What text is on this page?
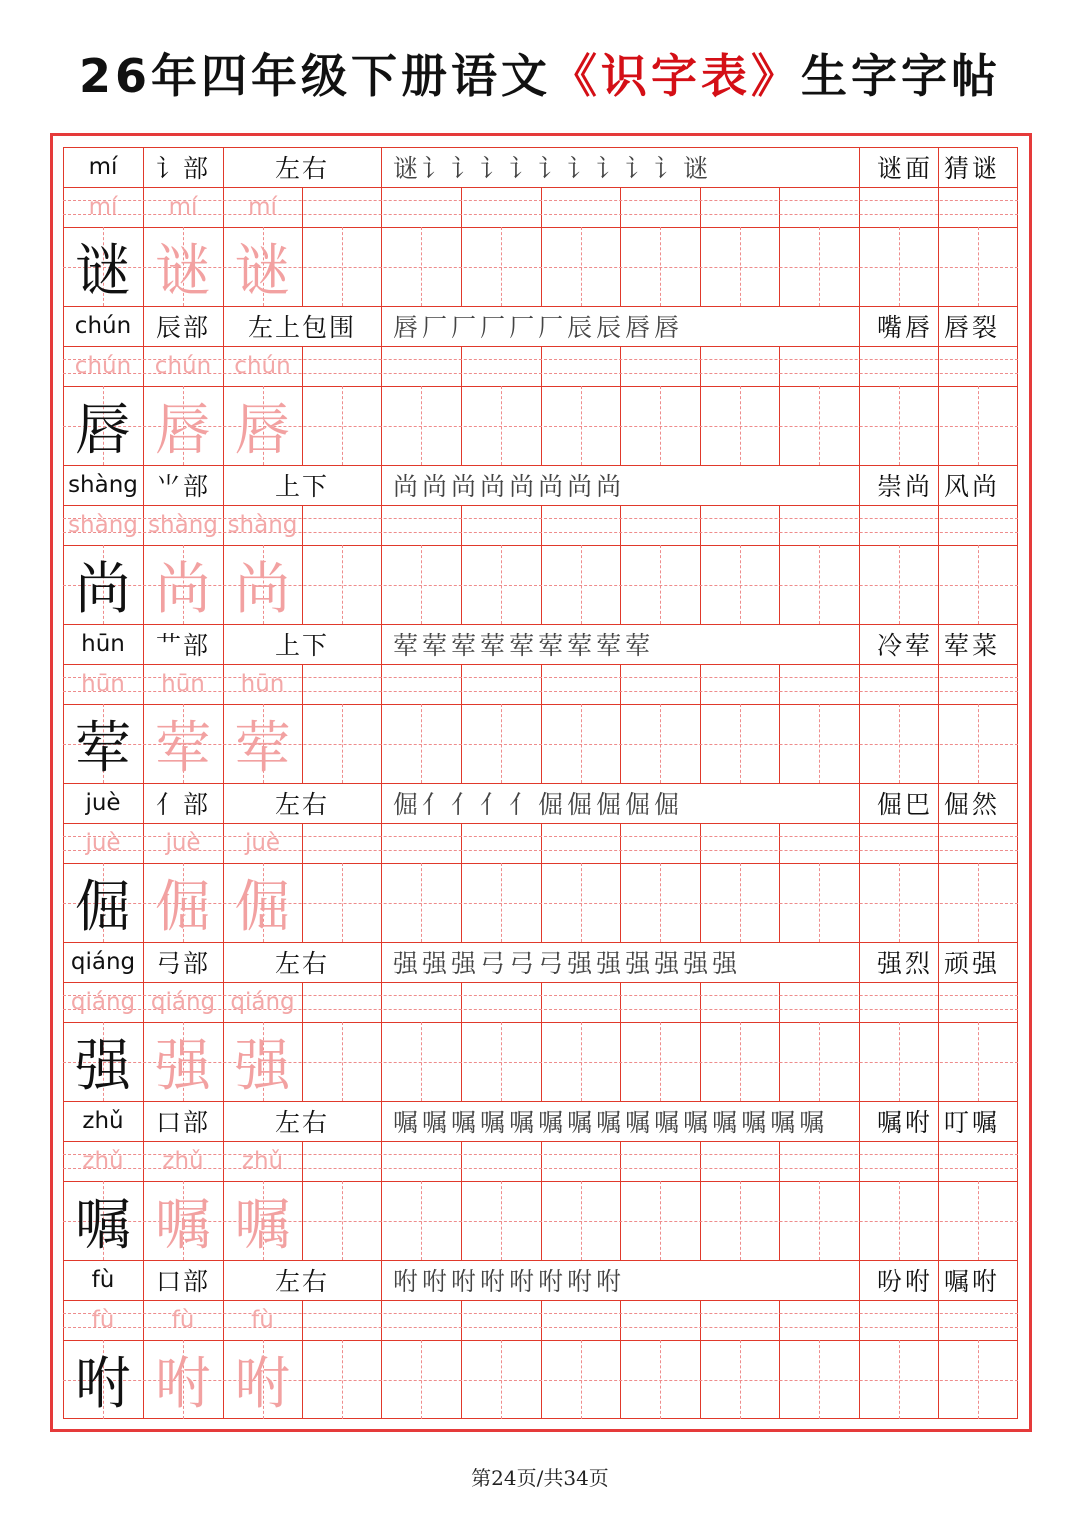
26年四年级下册语文《识字表》生字字帖
mí	讠部	左右	谜 讠 讠 讠 讠 讠 讠 讠 讠 讠 谜	谜面 猜谜
mí	mí	mí
谜 谜 谜
chún 辰部	左上包围	唇 厂 厂 厂 厂 厂 辰 辰 唇 唇	嘴唇 唇裂
chún	chún	chún
唇 唇 唇
shàng ⺌部	上下	尚 尚 尚 尚 尚 尚 尚 尚	崇尚 风尚
shàng shàng shàng
尚 尚 尚
hūn	艹部	上下	荤 荤 荤 荤 荤 荤 荤 荤 荤	冷荤 荤菜
hūn	hūn	hūn
荤 荤 荤
juè	亻部	左右	倔 亻 亻 亻 亻 倔 倔 倔 倔 倔	倔巴 倔然
juè	juè	juè
倔 倔 倔
qiáng 弓部	左右	强 强 强 弓 弓 弓 强 强 强 强 强 强	强烈 顽强
qiáng qiáng qiáng
强 强 强
zhǔ	口部	左右	嘱 嘱 嘱 嘱 嘱 嘱 嘱 嘱 嘱 嘱 嘱 嘱 嘱 嘱 嘱	嘱咐 叮嘱
zhǔ	zhǔ	zhǔ
嘱 嘱 嘱
fù	口部	左右	咐 咐 咐 咐 咐 咐 咐 咐	吩咐 嘱咐
fù	fù	fù
咐 咐 咐
第24页/共34页
